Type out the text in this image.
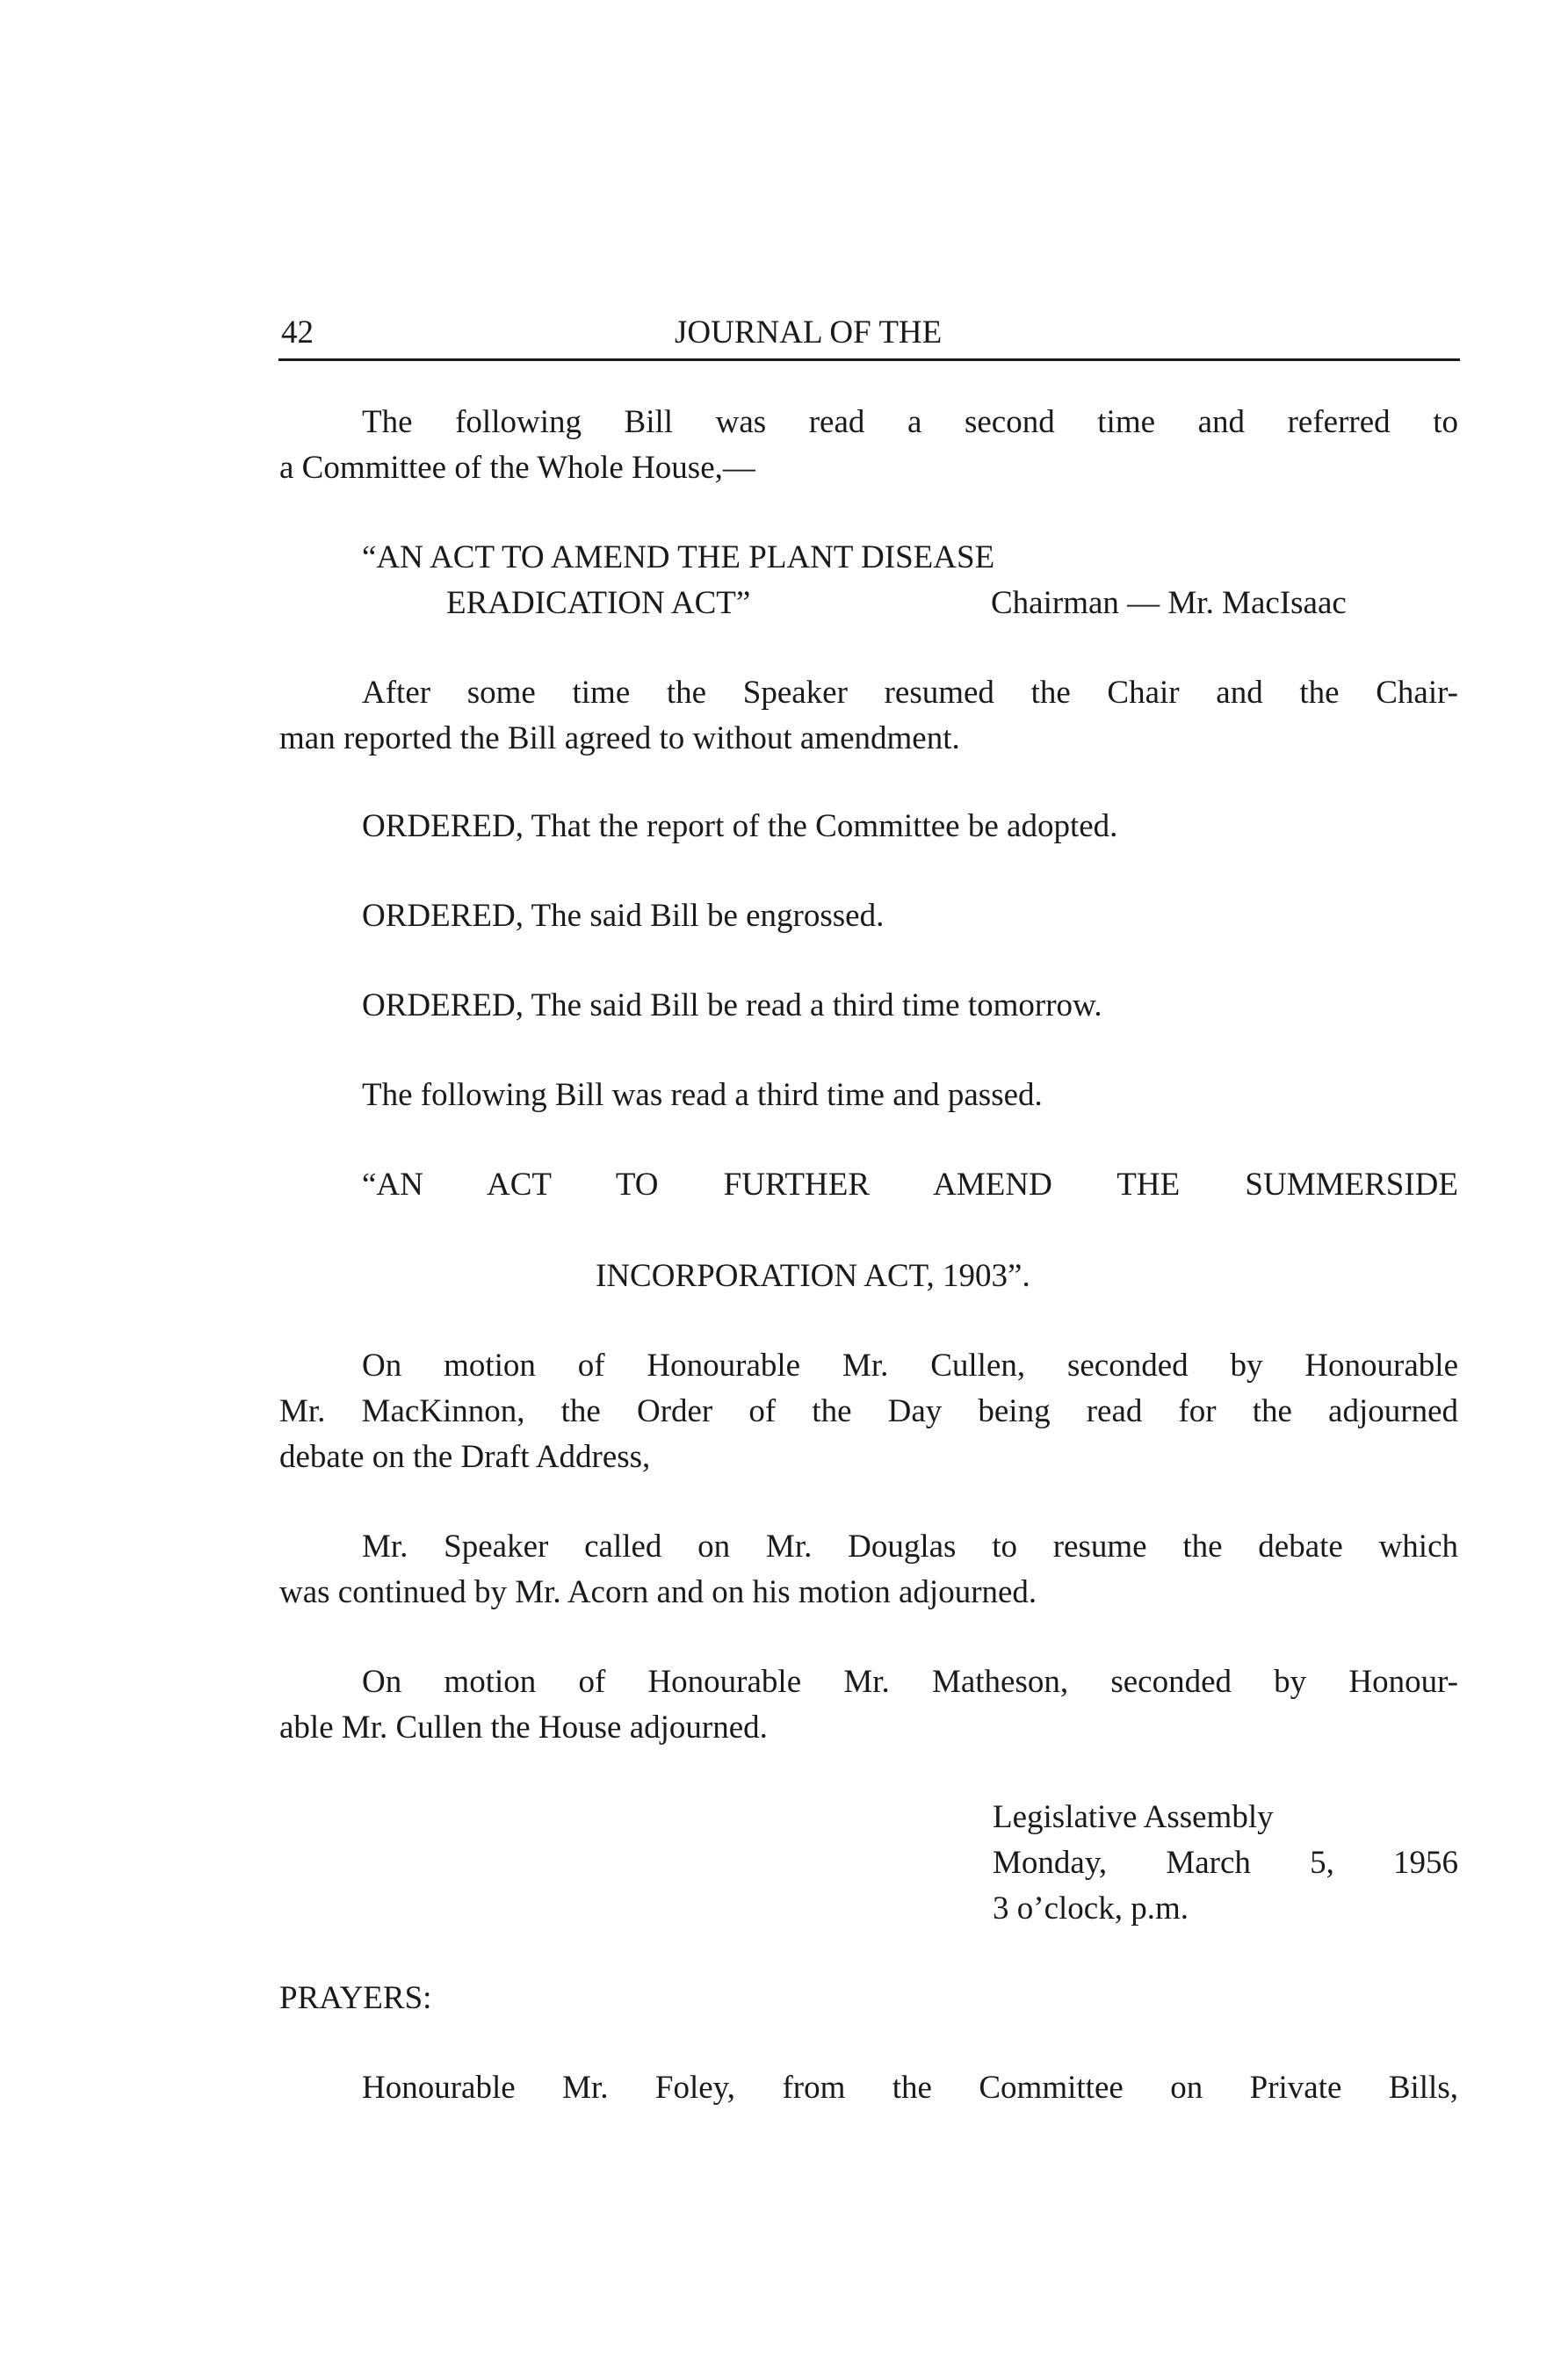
42	JOURNAL OF THE
The following Bill was read a second time and referred to
a Committee of the Whole House,—
“AN ACT TO AMEND THE PLANT DISEASE
ERADICATION ACT”	Chairman — Mr. MacIsaac
After some time the Speaker resumed the Chair and the Chair-
man reported the Bill agreed to without amendment.
ORDERED, That the report of the Committee be adopted.
ORDERED, The said Bill be engrossed.
ORDERED, The said Bill be read a third time tomorrow.
The following Bill was read a third time and passed.
“AN ACT TO FURTHER AMEND THE SUMMERSIDE
INCORPORATION ACT, 1903”.
On motion of Honourable Mr. Cullen, seconded by Honourable
Mr. MacKinnon, the Order of the Day being read for the adjourned
debate on the Draft Address,
Mr. Speaker called on Mr. Douglas to resume the debate which
was continued by Mr. Acorn and on his motion adjourned.
On motion of Honourable Mr. Matheson, seconded by Honour-
able Mr. Cullen the House adjourned.
Legislative Assembly
Monday, March 5, 1956
3 o’clock, p.m.
PRAYERS:
Honourable Mr. Foley, from the Committee on Private Bills,
